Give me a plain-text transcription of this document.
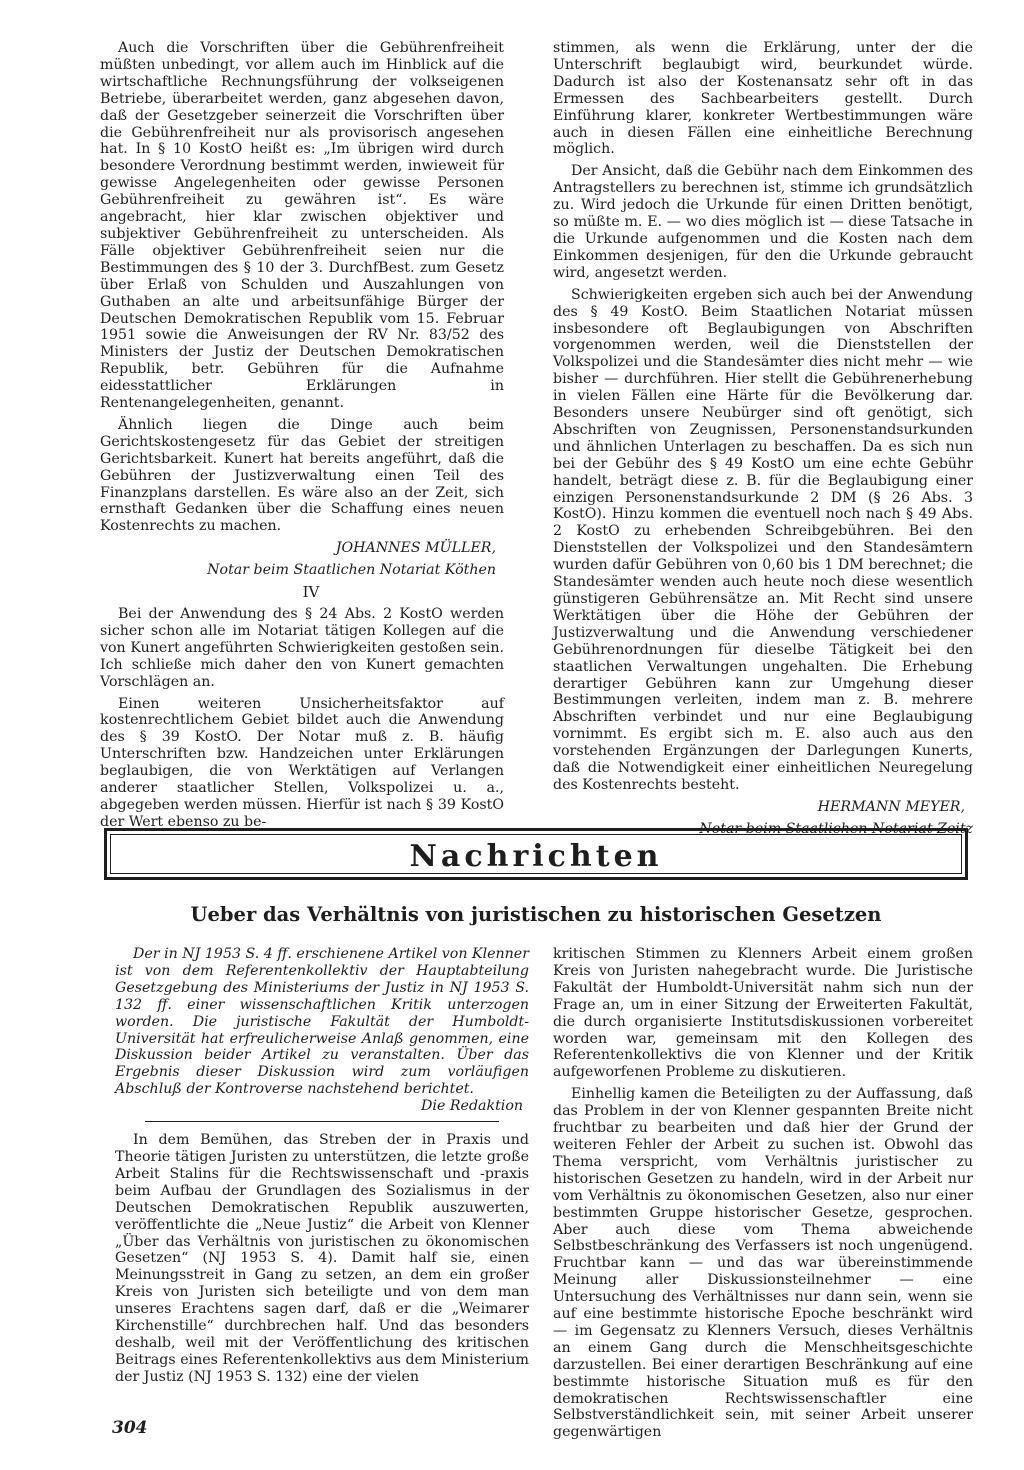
Auch die Vorschriften über die Gebührenfreiheit müßten unbedingt, vor allem auch im Hinblick auf die wirtschaftliche Rechnungsführung der volkseigenen Betriebe, überarbeitet werden, ganz abgesehen davon, daß der Gesetzgeber seinerzeit die Vorschriften über die Gebührenfreiheit nur als provisorisch angesehen hat. In § 10 KostO heißt es: „Im übrigen wird durch besondere Verordnung bestimmt werden, inwieweit für gewisse Angelegenheiten oder gewisse Personen Gebührenfreiheit zu gewähren ist“. Es wäre angebracht, hier klar zwischen objektiver und subjektiver Gebührenfreiheit zu unterscheiden. Als Fälle objektiver Gebührenfreiheit seien nur die Bestimmungen des § 10 der 3. DurchfBest. zum Gesetz über Erlaß von Schulden und Auszahlungen von Guthaben an alte und arbeitsunfähige Bürger der Deutschen Demokratischen Republik vom 15. Februar 1951 sowie die Anweisungen der RV Nr. 83/52 des Ministers der Justiz der Deutschen Demokratischen Republik, betr. Gebühren für die Aufnahme eidesstattlicher Erklärungen in Rentenangelegenheiten, genannt.

Ähnlich liegen die Dinge auch beim Gerichtskostengesetz für das Gebiet der streitigen Gerichtsbarkeit. Kunert hat bereits angeführt, daß die Gebühren der Justizverwaltung einen Teil des Finanzplans darstellen. Es wäre also an der Zeit, sich ernsthaft Gedanken über die Schaffung eines neuen Kostenrechts zu machen.

JOHANNES MÜLLER,

Notar beim Staatlichen Notariat Köthen

IV

Bei der Anwendung des § 24 Abs. 2 KostO werden sicher schon alle im Notariat tätigen Kollegen auf die von Kunert angeführten Schwierigkeiten gestoßen sein. Ich schließe mich daher den von Kunert gemachten Vorschlägen an.

Einen weiteren Unsicherheitsfaktor auf kostenrechtlichem Gebiet bildet auch die Anwendung des § 39 KostO. Der Notar muß z. B. häufig Unterschriften bzw. Handzeichen unter Erklärungen beglaubigen, die von Werktätigen auf Verlangen anderer staatlicher Stellen, Volkspolizei u. a., abgegeben werden müssen. Hierfür ist nach § 39 KostO der Wert ebenso zu be-

stimmen, als wenn die Erklärung, unter der die Unterschrift beglaubigt wird, beurkundet würde. Dadurch ist also der Kostenansatz sehr oft in das Ermessen des Sachbearbeiters gestellt. Durch Einführung klarer, konkreter Wertbestimmungen wäre auch in diesen Fällen eine einheitliche Berechnung möglich.

Der Ansicht, daß die Gebühr nach dem Einkommen des Antragstellers zu berechnen ist, stimme ich grundsätzlich zu. Wird jedoch die Urkunde für einen Dritten benötigt, so müßte m. E. — wo dies möglich ist — diese Tatsache in die Urkunde aufgenommen und die Kosten nach dem Einkommen desjenigen, für den die Urkunde gebraucht wird, angesetzt werden.

Schwierigkeiten ergeben sich auch bei der Anwendung des § 49 KostO. Beim Staatlichen Notariat müssen insbesondere oft Beglaubigungen von Abschriften vorgenommen werden, weil die Dienststellen der Volkspolizei und die Standesämter dies nicht mehr — wie bisher — durchführen. Hier stellt die Gebührenerhebung in vielen Fällen eine Härte für die Bevölkerung dar. Besonders unsere Neubürger sind oft genötigt, sich Abschriften von Zeugnissen, Personenstandsurkunden und ähnlichen Unterlagen zu beschaffen. Da es sich nun bei der Gebühr des § 49 KostO um eine echte Gebühr handelt, beträgt diese z. B. für die Beglaubigung einer einzigen Personenstandsurkunde 2 DM (§ 26 Abs. 3 KostO). Hinzu kommen die eventuell noch nach § 49 Abs. 2 KostO zu erhebenden Schreibgebühren. Bei den Dienststellen der Volkspolizei und den Standesämtern wurden dafür Gebühren von 0,60 bis 1 DM berechnet; die Standesämter wenden auch heute noch diese wesentlich günstigeren Gebührensätze an. Mit Recht sind unsere Werktätigen über die Höhe der Gebühren der Justizverwaltung und die Anwendung verschiedener Gebührenordnungen für dieselbe Tätigkeit bei den staatlichen Verwaltungen ungehalten. Die Erhebung derartiger Gebühren kann zur Umgehung dieser Bestimmungen verleiten, indem man z. B. mehrere Abschriften verbindet und nur eine Beglaubigung vornimmt. Es ergibt sich m. E. also auch aus den vorstehenden Ergänzungen der Darlegungen Kunerts, daß die Notwendigkeit einer einheitlichen Neuregelung des Kostenrechts besteht.

HERMANN MEYER,

Notar beim Staatlichen Notariat Zeitz

Nachrichten
Ueber das Verhältnis von juristischen zu historischen Gesetzen

Der in NJ 1953 S. 4 ff. erschienene Artikel von Klenner ist von dem Referentenkollektiv der Hauptabteilung Gesetzgebung des Ministeriums der Justiz in NJ 1953 S. 132 ff. einer wissenschaftlichen Kritik unterzogen worden. Die juristische Fakultät der Humboldt-Universität hat erfreulicherweise Anlaß genommen, eine Diskussion beider Artikel zu veranstalten. Über das Ergebnis dieser Diskussion wird zum vorläufigen Abschluß der Kontroverse nachstehend berichtet.

Die Redaktion

In dem Bemühen, das Streben der in Praxis und Theorie tätigen Juristen zu unterstützen, die letzte große Arbeit Stalins für die Rechtswissenschaft und -praxis beim Aufbau der Grundlagen des Sozialismus in der Deutschen Demokratischen Republik auszuwerten, veröffentlichte die „Neue Justiz“ die Arbeit von Klenner „Über das Verhältnis von juristischen zu ökonomischen Gesetzen“ (NJ 1953 S. 4). Damit half sie, einen Meinungsstreit in Gang zu setzen, an dem ein großer Kreis von Juristen sich beteiligte und von dem man unseres Erachtens sagen darf, daß er die „Weimarer Kirchenstille“ durchbrechen half. Und das besonders deshalb, weil mit der Veröffentlichung des kritischen Beitrags eines Referentenkollektivs aus dem Ministerium der Justiz (NJ 1953 S. 132) eine der vielen

kritischen Stimmen zu Klenners Arbeit einem großen Kreis von Juristen nahegebracht wurde. Die Juristische Fakultät der Humboldt-Universität nahm sich nun der Frage an, um in einer Sitzung der Erweiterten Fakultät, die durch organisierte Institutsdiskussionen vorbereitet worden war, gemeinsam mit den Kollegen des Referentenkollektivs die von Klenner und der Kritik aufgeworfenen Probleme zu diskutieren.

Einhellig kamen die Beteiligten zu der Auffassung, daß das Problem in der von Klenner gespannten Breite nicht fruchtbar zu bearbeiten und daß hier der Grund der weiteren Fehler der Arbeit zu suchen ist. Obwohl das Thema verspricht, vom Verhältnis juristischer zu historischen Gesetzen zu handeln, wird in der Arbeit nur vom Verhältnis zu ökonomischen Gesetzen, also nur einer bestimmten Gruppe historischer Gesetze, gesprochen. Aber auch diese vom Thema abweichende Selbstbeschränkung des Verfassers ist noch ungenügend. Fruchtbar kann — und das war übereinstimmende Meinung aller Diskussionsteilnehmer — eine Untersuchung des Verhältnisses nur dann sein, wenn sie auf eine bestimmte historische Epoche beschränkt wird — im Gegensatz zu Klenners Versuch, dieses Verhältnis an einem Gang durch die Menschheitsgeschichte darzustellen. Bei einer derartigen Beschränkung auf eine bestimmte historische Situation muß es für den demokratischen Rechtswissenschaftler eine Selbstverständlichkeit sein, mit seiner Arbeit unserer gegenwärtigen

304
